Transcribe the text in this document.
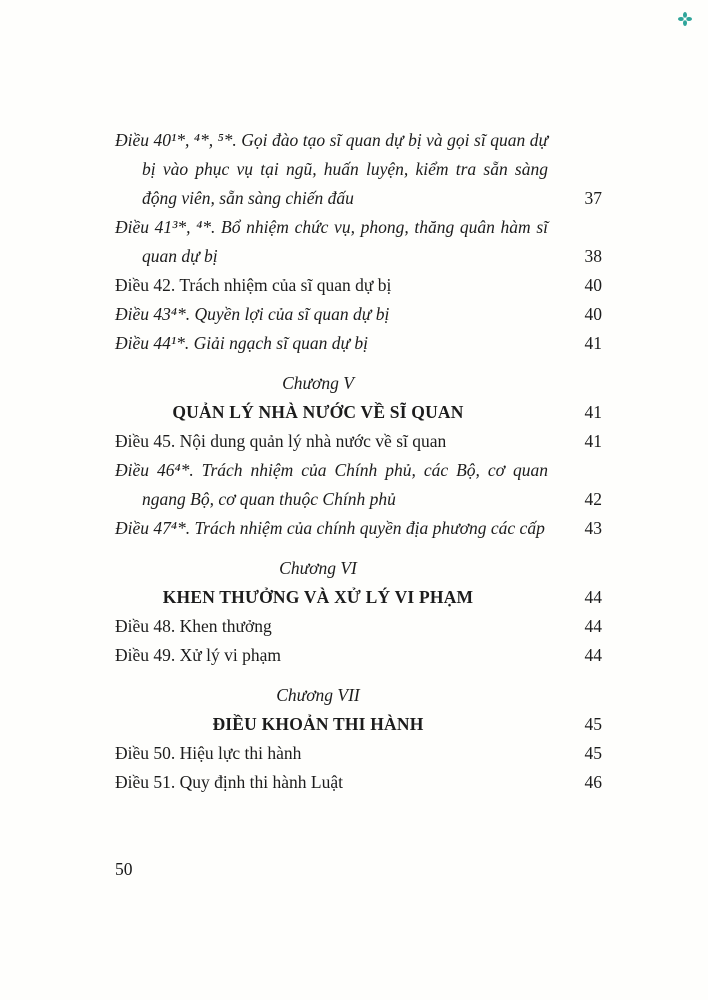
Điều 40¹*, ⁴*, ⁵*. Gọi đào tạo sĩ quan dự bị và gọi sĩ quan dự bị vào phục vụ tại ngũ, huấn luyện, kiểm tra sẵn sàng động viên, sẵn sàng chiến đấu	37
Điều 41³*, ⁴*. Bổ nhiệm chức vụ, phong, thăng quân hàm sĩ quan dự bị	38
Điều 42. Trách nhiệm của sĩ quan dự bị	40
Điều 43⁴*. Quyền lợi của sĩ quan dự bị	40
Điều 44¹*. Giải ngạch sĩ quan dự bị	41
Chương V
QUẢN LÝ NHÀ NƯỚC VỀ SĨ QUAN	41
Điều 45. Nội dung quản lý nhà nước về sĩ quan	41
Điều 46⁴*. Trách nhiệm của Chính phủ, các Bộ, cơ quan ngang Bộ, cơ quan thuộc Chính phủ	42
Điều 47⁴*. Trách nhiệm của chính quyền địa phương các cấp	43
Chương VI
KHEN THƯỞNG VÀ XỬ LÝ VI PHẠM	44
Điều 48. Khen thưởng	44
Điều 49. Xử lý vi phạm	44
Chương VII
ĐIỀU KHOẢN THI HÀNH	45
Điều 50. Hiệu lực thi hành	45
Điều 51. Quy định thi hành Luật	46
50
